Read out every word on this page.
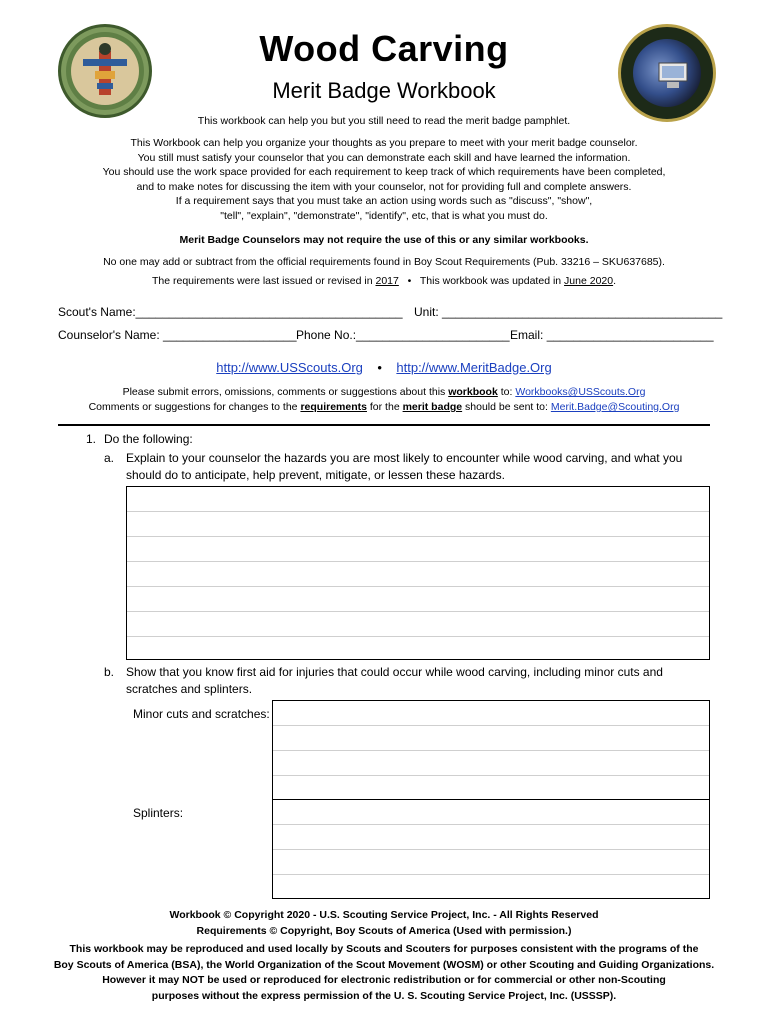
Wood Carving
Merit Badge Workbook
This workbook can help you but you still need to read the merit badge pamphlet.
This Workbook can help you organize your thoughts as you prepare to meet with your merit badge counselor.
You still must satisfy your counselor that you can demonstrate each skill and have learned the information.
You should use the work space provided for each requirement to keep track of which requirements have been completed,
and to make notes for discussing the item with your counselor, not for providing full and complete answers.
If a requirement says that you must take an action using words such as "discuss", "show",
"tell", "explain", "demonstrate", "identify", etc, that is what you must do.
Merit Badge Counselors may not require the use of this or any similar workbooks.
No one may add or subtract from the official requirements found in Boy Scout Requirements (Pub. 33216 – SKU637685).
The requirements were last issued or revised in 2017 • This workbook was updated in June 2020.
Scout's Name:________________________________________ Unit: __________________________________________
Counselor's Name: ____________________ Phone No.:_______________________ Email: _________________________
http://www.USScouts.Org • http://www.MeritBadge.Org
Please submit errors, omissions, comments or suggestions about this workbook to: Workbooks@USScouts.Org
Comments or suggestions for changes to the requirements for the merit badge should be sent to: Merit.Badge@Scouting.Org
1. Do the following:
a. Explain to your counselor the hazards you are most likely to encounter while wood carving, and what you should do to anticipate, help prevent, mitigate, or lessen these hazards.
b. Show that you know first aid for injuries that could occur while wood carving, including minor cuts and scratches and splinters.
Minor cuts and scratches:
Splinters:
Workbook © Copyright 2020 - U.S. Scouting Service Project, Inc. - All Rights Reserved
Requirements © Copyright, Boy Scouts of America (Used with permission.)
This workbook may be reproduced and used locally by Scouts and Scouters for purposes consistent with the programs of the
Boy Scouts of America (BSA), the World Organization of the Scout Movement (WOSM) or other Scouting and Guiding Organizations.
However it may NOT be used or reproduced for electronic redistribution or for commercial or other non-Scouting
purposes without the express permission of the U. S. Scouting Service Project, Inc. (USSSP).
